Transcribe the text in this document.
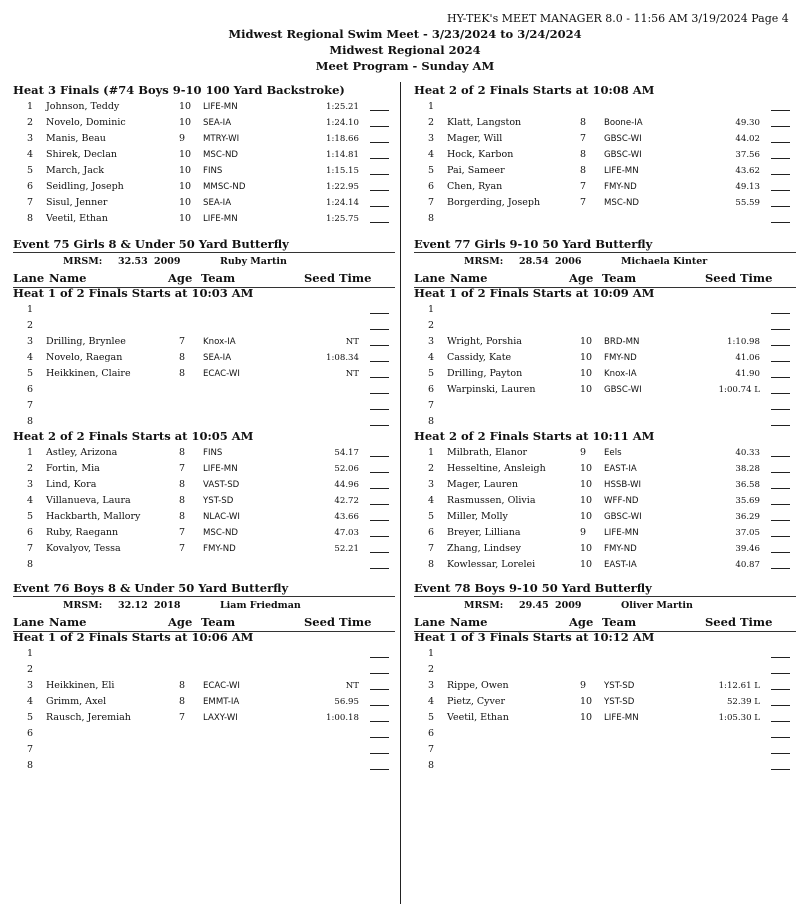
HY-TEK's MEET MANAGER 8.0 - 11:56 AM 3/19/2024 Page 4
Midwest Regional Swim Meet - 3/23/2024 to 3/24/2024
Midwest Regional 2024
Meet Program - Sunday AM
Heat 3 Finals (#74 Boys 9-10 100 Yard Backstroke)
1 Johnson, Teddy	10 LIFE-MN	1:25.21
2 Novelo, Dominic	10 SEA-IA	1:24.10
3 Manis, Beau	9 MTRY-WI	1:18.66
4 Shirek, Declan	10 MSC-ND	1:14.81
5 March, Jack	10 FINS	1:15.15
6 Seidling, Joseph	10 MMSC-ND	1:22.95
7 Sisul, Jenner	10 SEA-IA	1:24.14
8 Veetil, Ethan	10 LIFE-MN	1:25.75
Event 75 Girls 8 & Under 50 Yard Butterfly
MRSM: 32.53 2009	Ruby Martin
Lane Name	Age Team	Seed Time
Heat 1 of 2 Finals Starts at 10:03 AM
1
2
3 Drilling, Brynlee	7 Knox-IA	NT
4 Novelo, Raegan	8 SEA-IA	1:08.34
5 Heikkinen, Claire	8 ECAC-WI	NT
6
7
8
Heat 2 of 2 Finals Starts at 10:05 AM
1 Astley, Arizona	8 FINS	54.17
2 Fortin, Mia	7 LIFE-MN	52.06
3 Lind, Kora	8 VAST-SD	44.96
4 Villanueva, Laura	8 YST-SD	42.72
5 Hackbarth, Mallory	8 NLAC-WI	43.66
6 Ruby, Raegann	7 MSC-ND	47.03
7 Kovalyov, Tessa	7 FMY-ND	52.21
8
Event 76 Boys 8 & Under 50 Yard Butterfly
MRSM: 32.12 2018	Liam Friedman
Lane Name	Age Team	Seed Time
Heat 1 of 2 Finals Starts at 10:06 AM
1
2
3 Heikkinen, Eli	8 ECAC-WI	NT
4 Grimm, Axel	8 EMMT-IA	56.95
5 Rausch, Jeremiah	7 LAXY-WI	1:00.18
6
7
8
Heat 2 of 2 Finals Starts at 10:08 AM
1
2 Klatt, Langston	8 Boone-IA	49.30
3 Mager, Will	7 GBSC-WI	44.02
4 Hock, Karbon	8 GBSC-WI	37.56
5 Pai, Sameer	8 LIFE-MN	43.62
6 Chen, Ryan	7 FMY-ND	49.13
7 Borgerding, Joseph	7 MSC-ND	55.59
8
Event 77 Girls 9-10 50 Yard Butterfly
MRSM: 28.54 2006	Michaela Kinter
Lane Name	Age Team	Seed Time
Heat 1 of 2 Finals Starts at 10:09 AM
1
2
3 Wright, Porshia	10 BRD-MN	1:10.98
4 Cassidy, Kate	10 FMY-ND	41.06
5 Drilling, Payton	10 Knox-IA	41.90
6 Warpinski, Lauren	10 GBSC-WI	1:00.74 L
7
8
Heat 2 of 2 Finals Starts at 10:11 AM
1 Milbrath, Elanor	9 Eels	40.33
2 Hesseltine, Ansleigh	10 EAST-IA	38.28
3 Mager, Lauren	10 HSSB-WI	36.58
4 Rasmussen, Olivia	10 WFF-ND	35.69
5 Miller, Molly	10 GBSC-WI	36.29
6 Breyer, Lilliana	9 LIFE-MN	37.05
7 Zhang, Lindsey	10 FMY-ND	39.46
8 Kowlessar, Lorelei	10 EAST-IA	40.87
Event 78 Boys 9-10 50 Yard Butterfly
MRSM: 29.45 2009	Oliver Martin
Lane Name	Age Team	Seed Time
Heat 1 of 3 Finals Starts at 10:12 AM
1
2
3 Rippe, Owen	9 YST-SD	1:12.61 L
4 Pietz, Cyver	10 YST-SD	52.39 L
5 Veetil, Ethan	10 LIFE-MN	1:05.30 L
6
7
8
